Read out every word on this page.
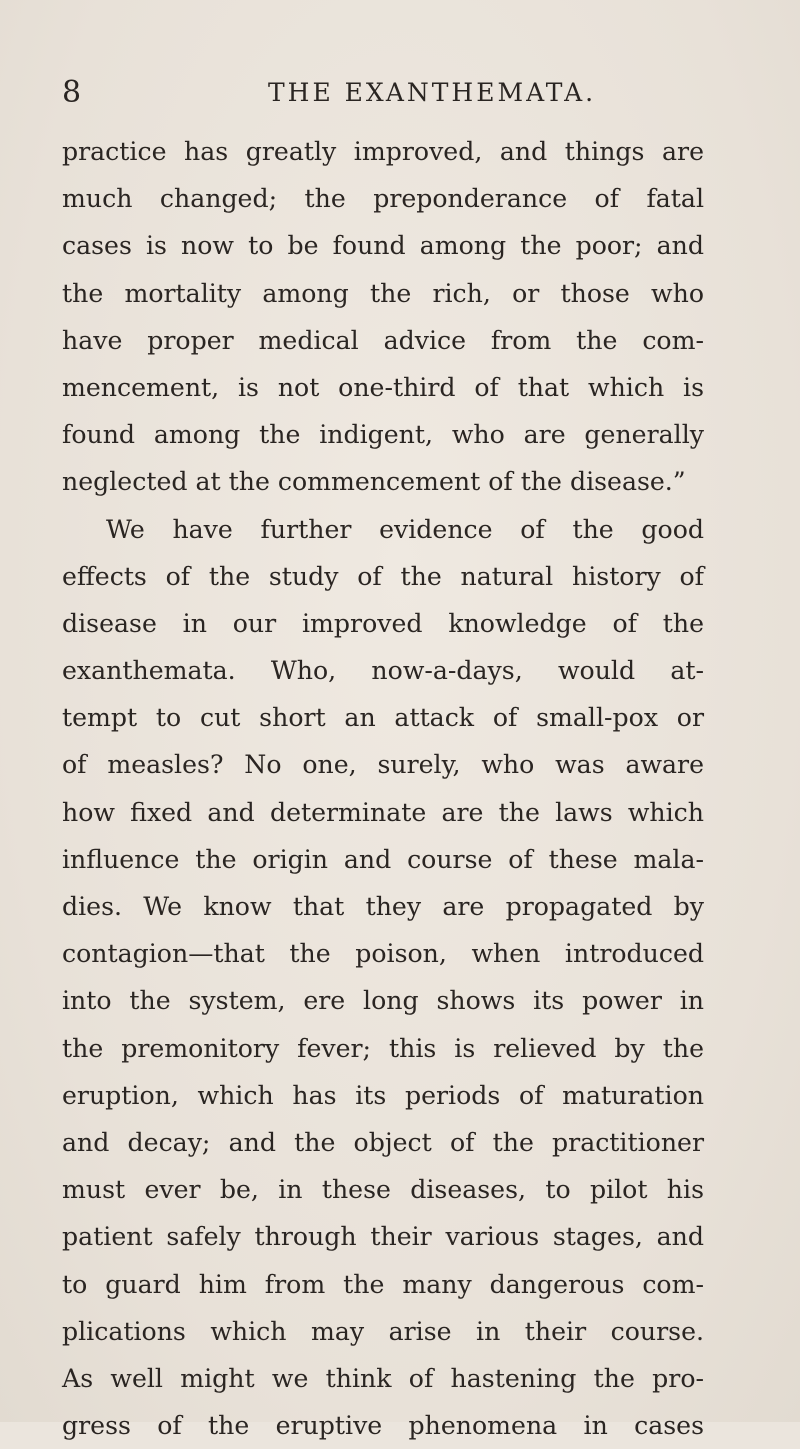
8	THE EXANTHEMATA.
practice has greatly improved, and things are
much changed; the preponderance of fatal
cases is now to be found among the poor; and
the mortality among the rich, or those who
have proper medical advice from the com-
mencement, is not one-third of that which is
found among the indigent, who are generally
neglected at the commencement of the disease.”
We have further evidence of the good
effects of the study of the natural history of
disease in our improved knowledge of the
exanthemata. Who, now-a-days, would at-
tempt to cut short an attack of small-pox or
of measles? No one, surely, who was aware
how fixed and determinate are the laws which
influence the origin and course of these mala-
dies. We know that they are propagated by
contagion—that the poison, when introduced
into the system, ere long shows its power in
the premonitory fever; this is relieved by the
eruption, which has its periods of maturation
and decay; and the object of the practitioner
must ever be, in these diseases, to pilot his
patient safely through their various stages, and
to guard him from the many dangerous com-
plications which may arise in their course.
As well might we think of hastening the pro-
gress of the eruptive phenomena in cases
